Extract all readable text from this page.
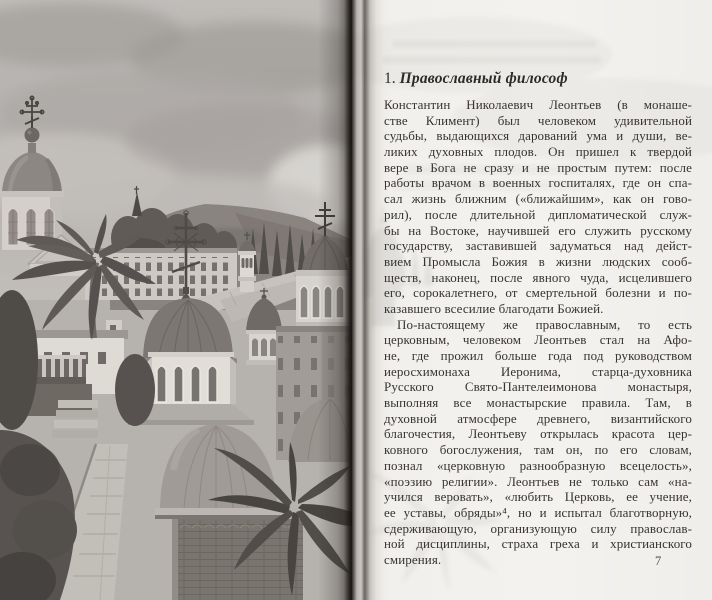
1. Православный философ
Константин Николаевич Леонтьев (в монаше-
стве Климент) был человеком удивительной
судьбы, выдающихся дарований ума и души, ве-
ликих духовных плодов. Он пришел к твердой
вере в Бога не сразу и не простым путем: после
работы врачом в военных госпиталях, где он спа-
сал жизнь ближним («ближайшим», как он гово-
рил), после длительной дипломатической служ-
бы на Востоке, научившей его служить русскому
государству, заставившей задуматься над дейст-
вием Промысла Божия в жизни людских сооб-
ществ, наконец, после явного чуда, исцелившего
его, сорокалетнего, от смертельной болезни и по-
казавшего всесилие благодати Божией.
По-настоящему же православным, то есть
церковным, человеком Леонтьев стал на Афо-
не, где прожил больше года под руководством
иеросхимонаха Иеронима, старца-духовника
Русского Свято-Пантелеимонова монастыря,
выполняя все монастырские правила. Там, в
духовной атмосфере древнего, византийского
благочестия, Леонтьеву открылась красота цер-
ковного богослужения, там он, по его словам,
познал «церковную разнообразную всецелость»,
«поэзию религии». Леонтьев не только сам «на-
учился веровать», «любить Церковь, ее учение,
ее уставы, обряды»⁴, но и испытал благотворную,
сдерживающую, организующую силу православ-
ной дисциплины, страха греха и христианского
смирения.	7
